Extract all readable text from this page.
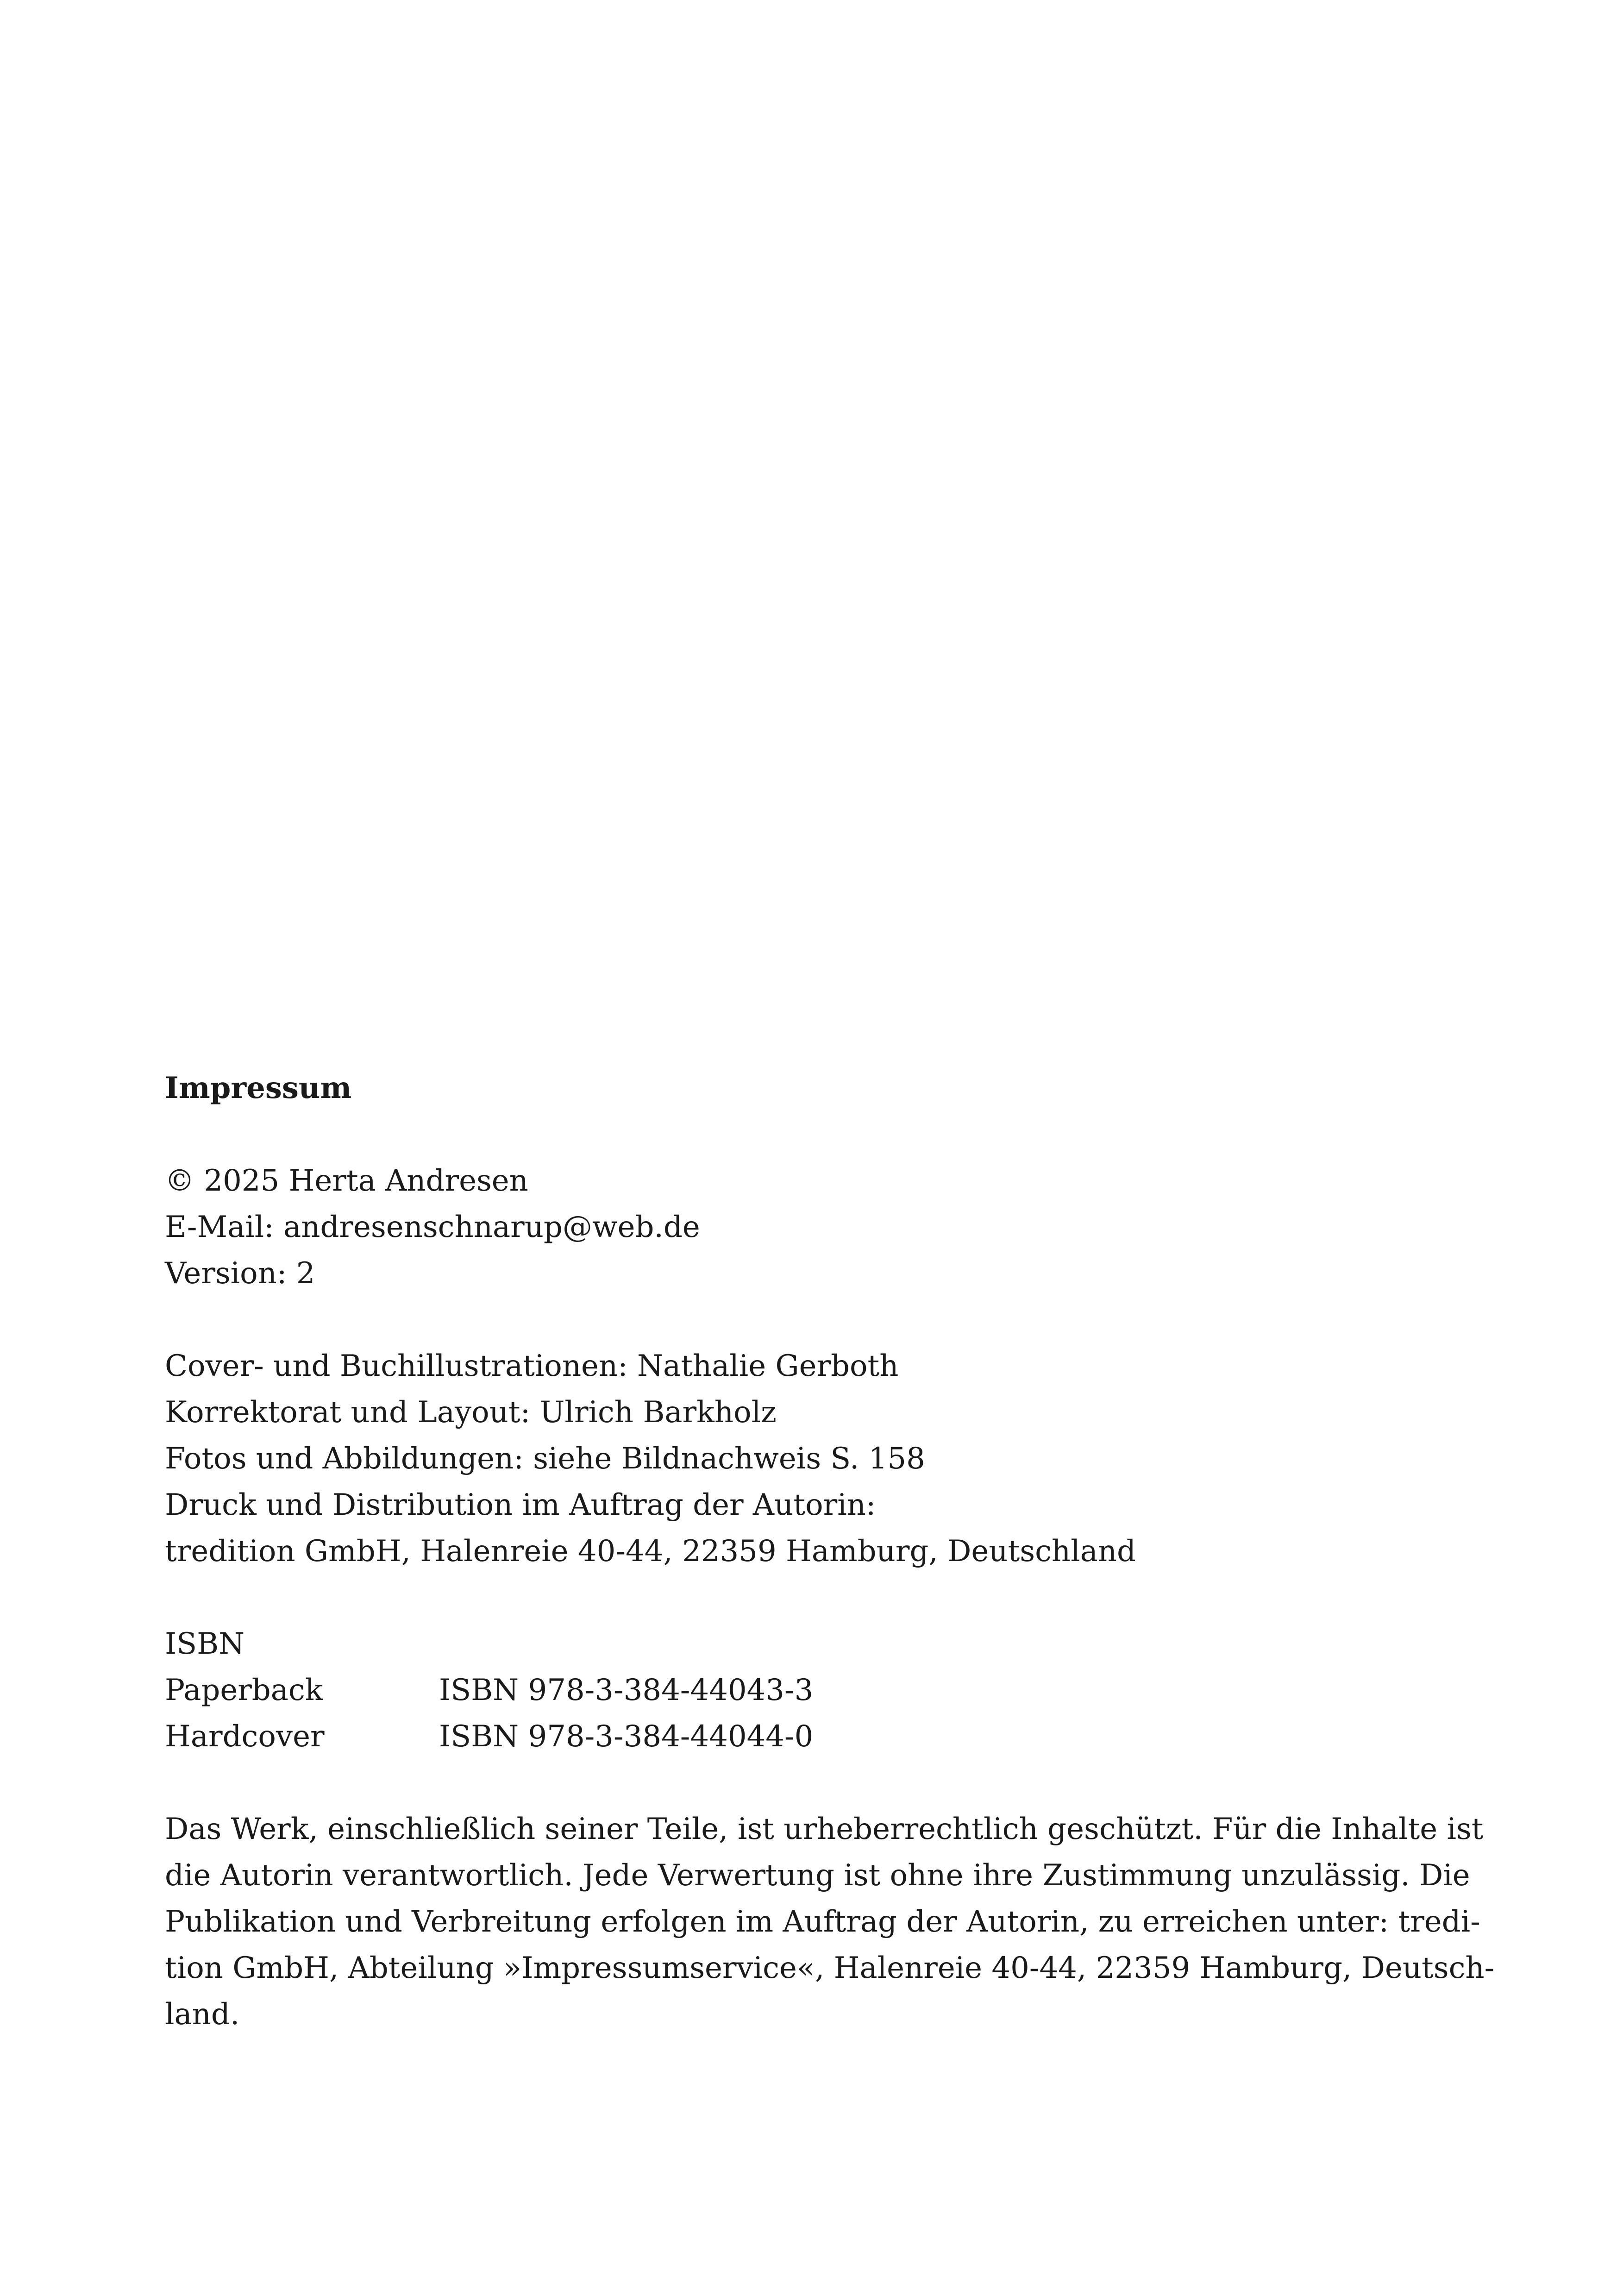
Impressum

© 2025 Herta Andresen
E-Mail: andresenschnarup@web.de
Version: 2
Cover- und Buchillustrationen: Nathalie Gerboth
Korrektorat und Layout: Ulrich Barkholz
Fotos und Abbildungen: siehe Bildnachweis S. 158
Druck und Distribution im Auftrag der Autorin:
tredition GmbH, Halenreie 40-44, 22359 Hamburg, Deutschland
ISBN
Paperback	ISBN 978-3-384-44043-3
Hardcover	ISBN 978-3-384-44044-0
Das Werk, einschließlich seiner Teile, ist urheberrechtlich geschützt. Für die Inhalte ist
die Autorin verantwortlich. Jede Verwertung ist ohne ihre Zustimmung unzulässig. Die
Publikation und Verbreitung erfolgen im Auftrag der Autorin, zu erreichen unter: tredi-
tion GmbH, Abteilung »Impressumservice«, Halenreie 40-44, 22359 Hamburg, Deutsch-
land.
